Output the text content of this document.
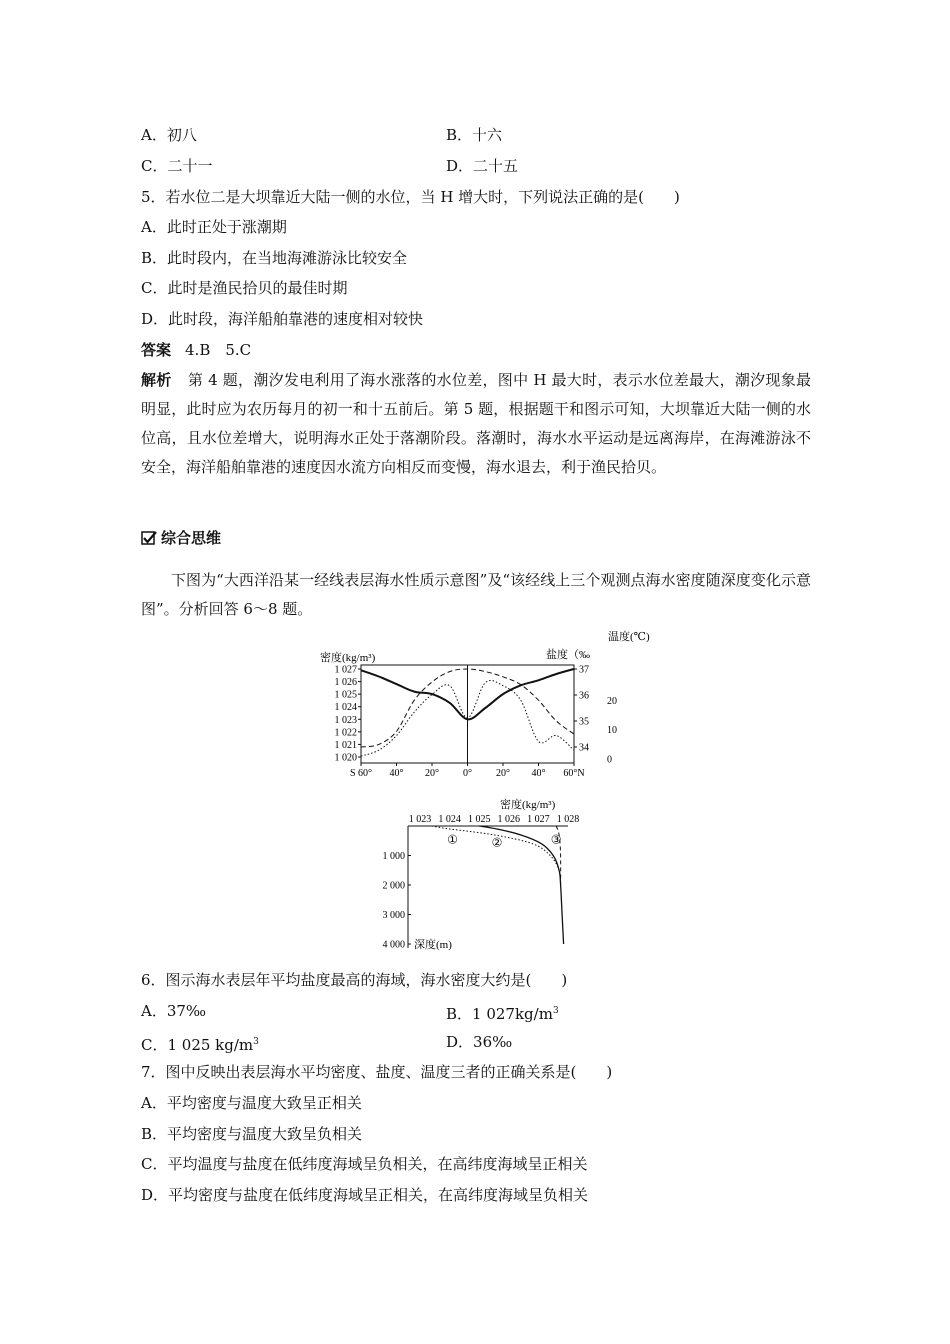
A．初八	B．十六
C．二十一	D．二十五
5．若水位二是大坝靠近大陆一侧的水位，当 H 增大时，下列说法正确的是(　　)
A．此时正处于涨潮期
B．此时段内，在当地海滩游泳比较安全
C．此时是渔民拾贝的最佳时期
D．此时段，海洋船舶靠港的速度相对较快
答案 4.B　5.C
解析 第 4 题，潮汐发电利用了海水涨落的水位差，图中 H 最大时，表示水位差最大，潮汐现象最明显，此时应为农历每月的初一和十五前后。第 5 题，根据题干和图示可知，大坝靠近大陆一侧的水位高，且水位差增大，说明海水正处于落潮阶段。落潮时，海水水平运动是远离海岸，在海滩游泳不安全，海洋船舶靠港的速度因水流方向相反而变慢，海水退去，利于渔民拾贝。
综合思维
下图为“大西洋沿某一经线表层海水性质示意图”及“该经线上三个观测点海水密度随深度变化示意图”。分析回答 6～8 题。
温度(℃)
密度(kg/m³)	盐度（‰
1 027
1 026
1 025
1 024
1 023
1 022
1 021
1 020
37
36
35
34
20
10
0
S 60° 40° 20° 0° 20° 40° 60°N
密度(kg/m³)
深度(m)
1 023 1 024 1 025 1 026 1 027 1 028
1 000
2 000
3 000
4 000
①	②	③
6．图示海水表层年平均盐度最高的海域，海水密度大约是(　　)
A．37‰	B．1 $027kg/m^3$
C．1 025 $kg/m^3$	D．36‰
7．图中反映出表层海水平均密度、盐度、温度三者的正确关系是(　　)
A．平均密度与温度大致呈正相关
B．平均密度与温度大致呈负相关
C．平均温度与盐度在低纬度海域呈负相关，在高纬度海域呈正相关
D．平均密度与盐度在低纬度海域呈正相关，在高纬度海域呈负相关
